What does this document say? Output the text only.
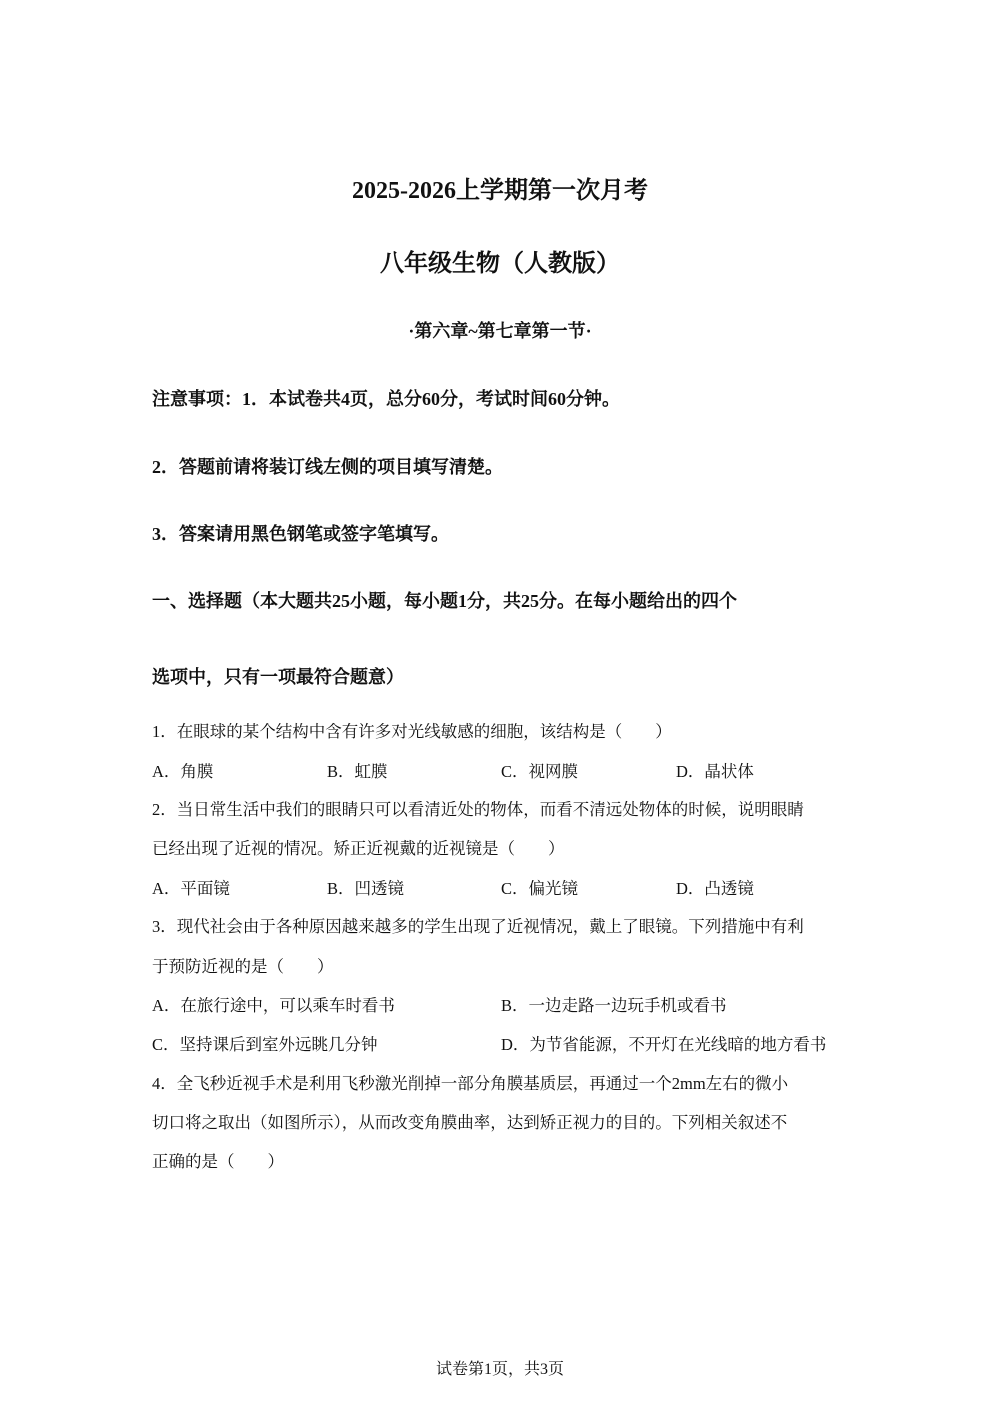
2025-2026上学期第一次月考
八年级生物（人教版）
·第六章~第七章第一节·
注意事项：1．本试卷共4页，总分60分，考试时间60分钟。
2．答题前请将装订线左侧的项目填写清楚。
3．答案请用黑色钢笔或签字笔填写。
一、选择题（本大题共25小题，每小题1分，共25分。在每小题给出的四个
选项中，只有一项最符合题意）
1．在眼球的某个结构中含有许多对光线敏感的细胞，该结构是（　　）
A．角膜	B．虹膜	C．视网膜	D．晶状体
2．当日常生活中我们的眼睛只可以看清近处的物体，而看不清远处物体的时候，说明眼睛
已经出现了近视的情况。矫正近视戴的近视镜是（　　）
A．平面镜	B．凹透镜	C．偏光镜	D．凸透镜
3．现代社会由于各种原因越来越多的学生出现了近视情况，戴上了眼镜。下列措施中有利
于预防近视的是（　　）
A．在旅行途中，可以乘车时看书	B．一边走路一边玩手机或看书
C．坚持课后到室外远眺几分钟	D．为节省能源，不开灯在光线暗的地方看书
4．全飞秒近视手术是利用飞秒激光削掉一部分角膜基质层，再通过一个2mm左右的微小
切口将之取出（如图所示），从而改变角膜曲率，达到矫正视力的目的。下列相关叙述不
正确的是（　　）
试卷第1页，共3页
